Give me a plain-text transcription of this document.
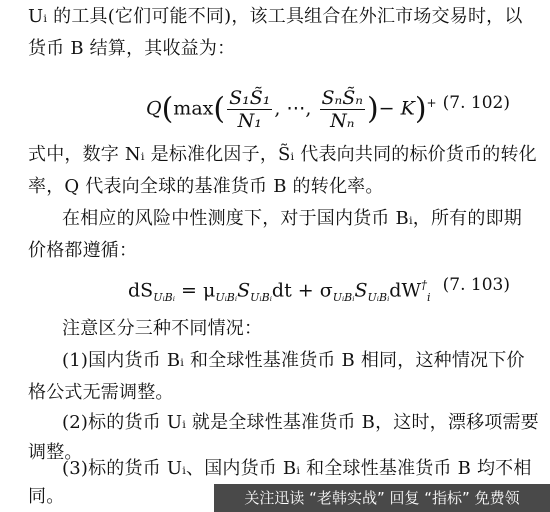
Uᵢ 的工具(它们可能不同)，该工具组合在外汇市场交易时，以
货币 B 结算，其收益为：
$Q(\max( \frac{\text{S₁S̃₁}}{\text{N₁}}$ , ⋯, $\frac{\text{SₙS̃ₙ}}{\text{Nₙ}}$ )− K)+ (7. 102)
式中，数字 Nᵢ 是标准化因子，S̃ᵢ 代表向共同的标价货币的转化
率，Q 代表向全球的基准货币 B 的转化率。
在相应的风险中性测度下，对于国内货币 Bᵢ，所有的即期
价格都遵循：
$dS_{UᵢBᵢ} = \mu_{UᵢBᵢ}S_{UᵢBᵢ}dt + \sigma_{UᵢBᵢ}S_{UᵢBᵢ}dW^\dagger_i$
(7. 103)
注意区分三种不同情况：
(1)国内货币 Bᵢ 和全球性基准货币 B 相同，这种情况下价
格公式无需调整。
(2)标的货币 Uᵢ 就是全球性基准货币 B，这时，漂移项需要
调整。
(3)标的货币 Uᵢ、国内货币 Bᵢ 和全球性基准货币 B 均不相
同。	关注迅读 “老韩实战” 回复 “指标” 免费领
